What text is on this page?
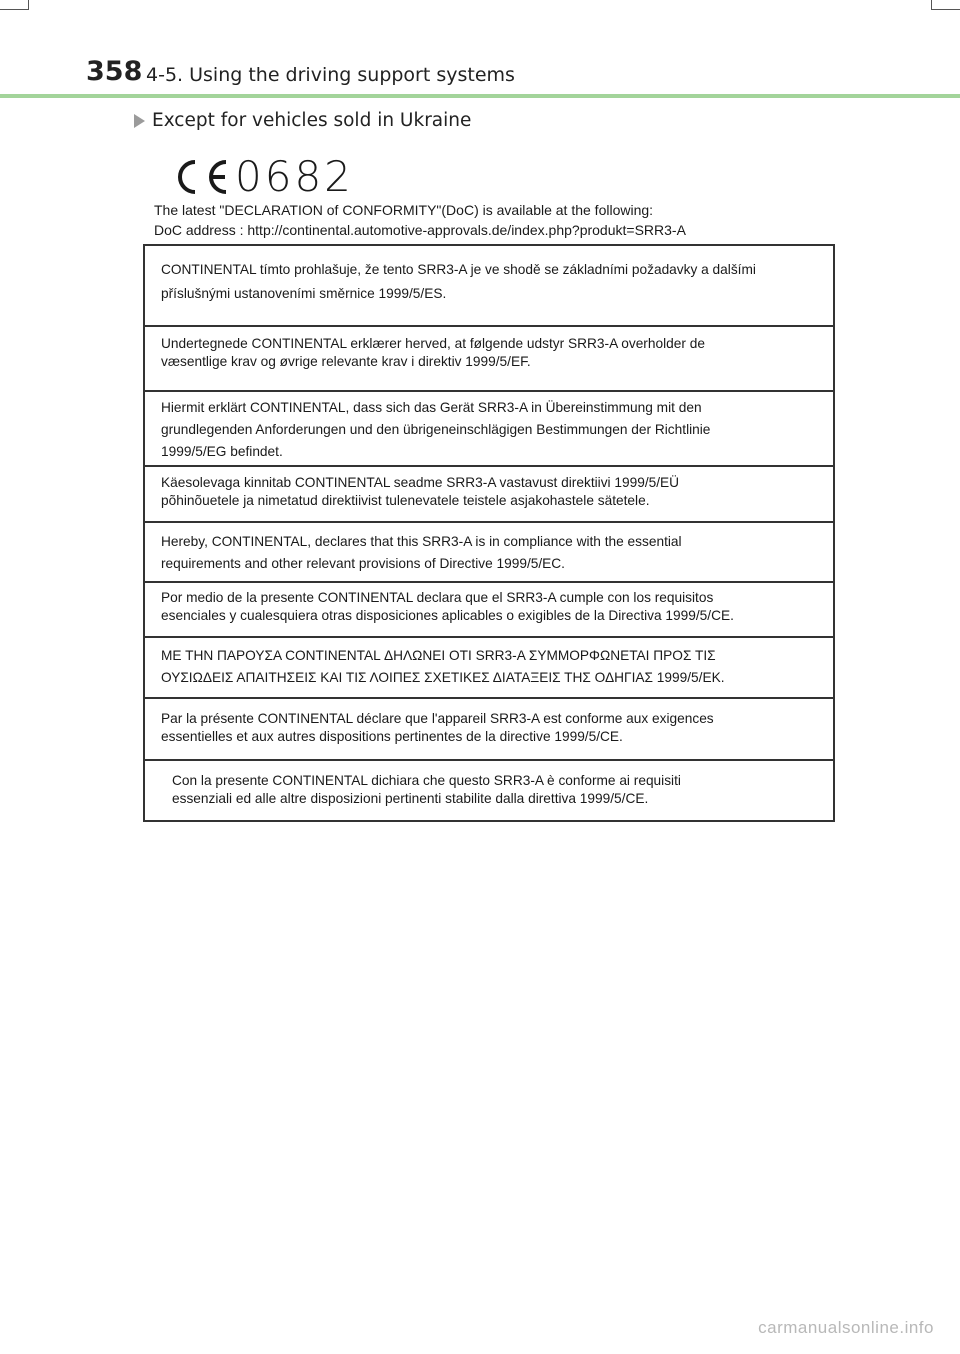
358 4-5. Using the driving support systems
Except for vehicles sold in Ukraine
0682
The latest "DECLARATION of CONFORMITY"(DoC) is available at the following:
DoC address : http://continental.automotive-approvals.de/index.php?produkt=SRR3-A

CONTINENTAL tímto prohlašuje, že tento SRR3-A je ve shodě se základními požadavky a dalšími

příslušnými ustanoveními směrnice 1999/5/ES.

Undertegnede CONTINENTAL erklærer herved, at følgende udstyr SRR3-A overholder de

væsentlige krav og øvrige relevante krav i direktiv 1999/5/EF.

Hiermit erklärt CONTINENTAL, dass sich das Gerät SRR3-A in Übereinstimmung mit den

grundlegenden Anforderungen und den übrigeneinschlägigen Bestimmungen der Richtlinie

1999/5/EG befindet.

Käesolevaga kinnitab CONTINENTAL seadme SRR3-A vastavust direktiivi 1999/5/EÜ

põhinõuetele ja nimetatud direktiivist tulenevatele teistele asjakohastele sätetele.

Hereby, CONTINENTAL, declares that this SRR3-A is in compliance with the essential

requirements and other relevant provisions of Directive 1999/5/EC.

Por medio de la presente CONTINENTAL declara que el SRR3-A cumple con los requisitos

esenciales y cualesquiera otras disposiciones aplicables o exigibles de la Directiva 1999/5/CE.

ΜΕ ΤΗΝ ΠΑΡΟΥΣΑ CONTINENTAL ΔΗΛΩΝΕΙ ΟΤΙ SRR3-A ΣΥΜΜΟΡΦΩΝΕΤΑΙ ΠΡΟΣ ΤΙΣ

ΟΥΣΙΩΔΕΙΣ ΑΠΑΙΤΗΣΕΙΣ ΚΑΙ ΤΙΣ ΛΟΙΠΕΣ ΣΧΕΤΙΚΕΣ ΔΙΑΤΑΞΕΙΣ ΤΗΣ ΟΔΗΓΙΑΣ 1999/5/ΕΚ.

Par la présente CONTINENTAL déclare que l'appareil SRR3-A est conforme aux exigences

essentielles et aux autres dispositions pertinentes de la directive 1999/5/CE.

Con la presente CONTINENTAL dichiara che questo SRR3-A è conforme ai requisiti

essenziali ed alle altre disposizioni pertinenti stabilite dalla direttiva 1999/5/CE.

carmanualsonline.info
